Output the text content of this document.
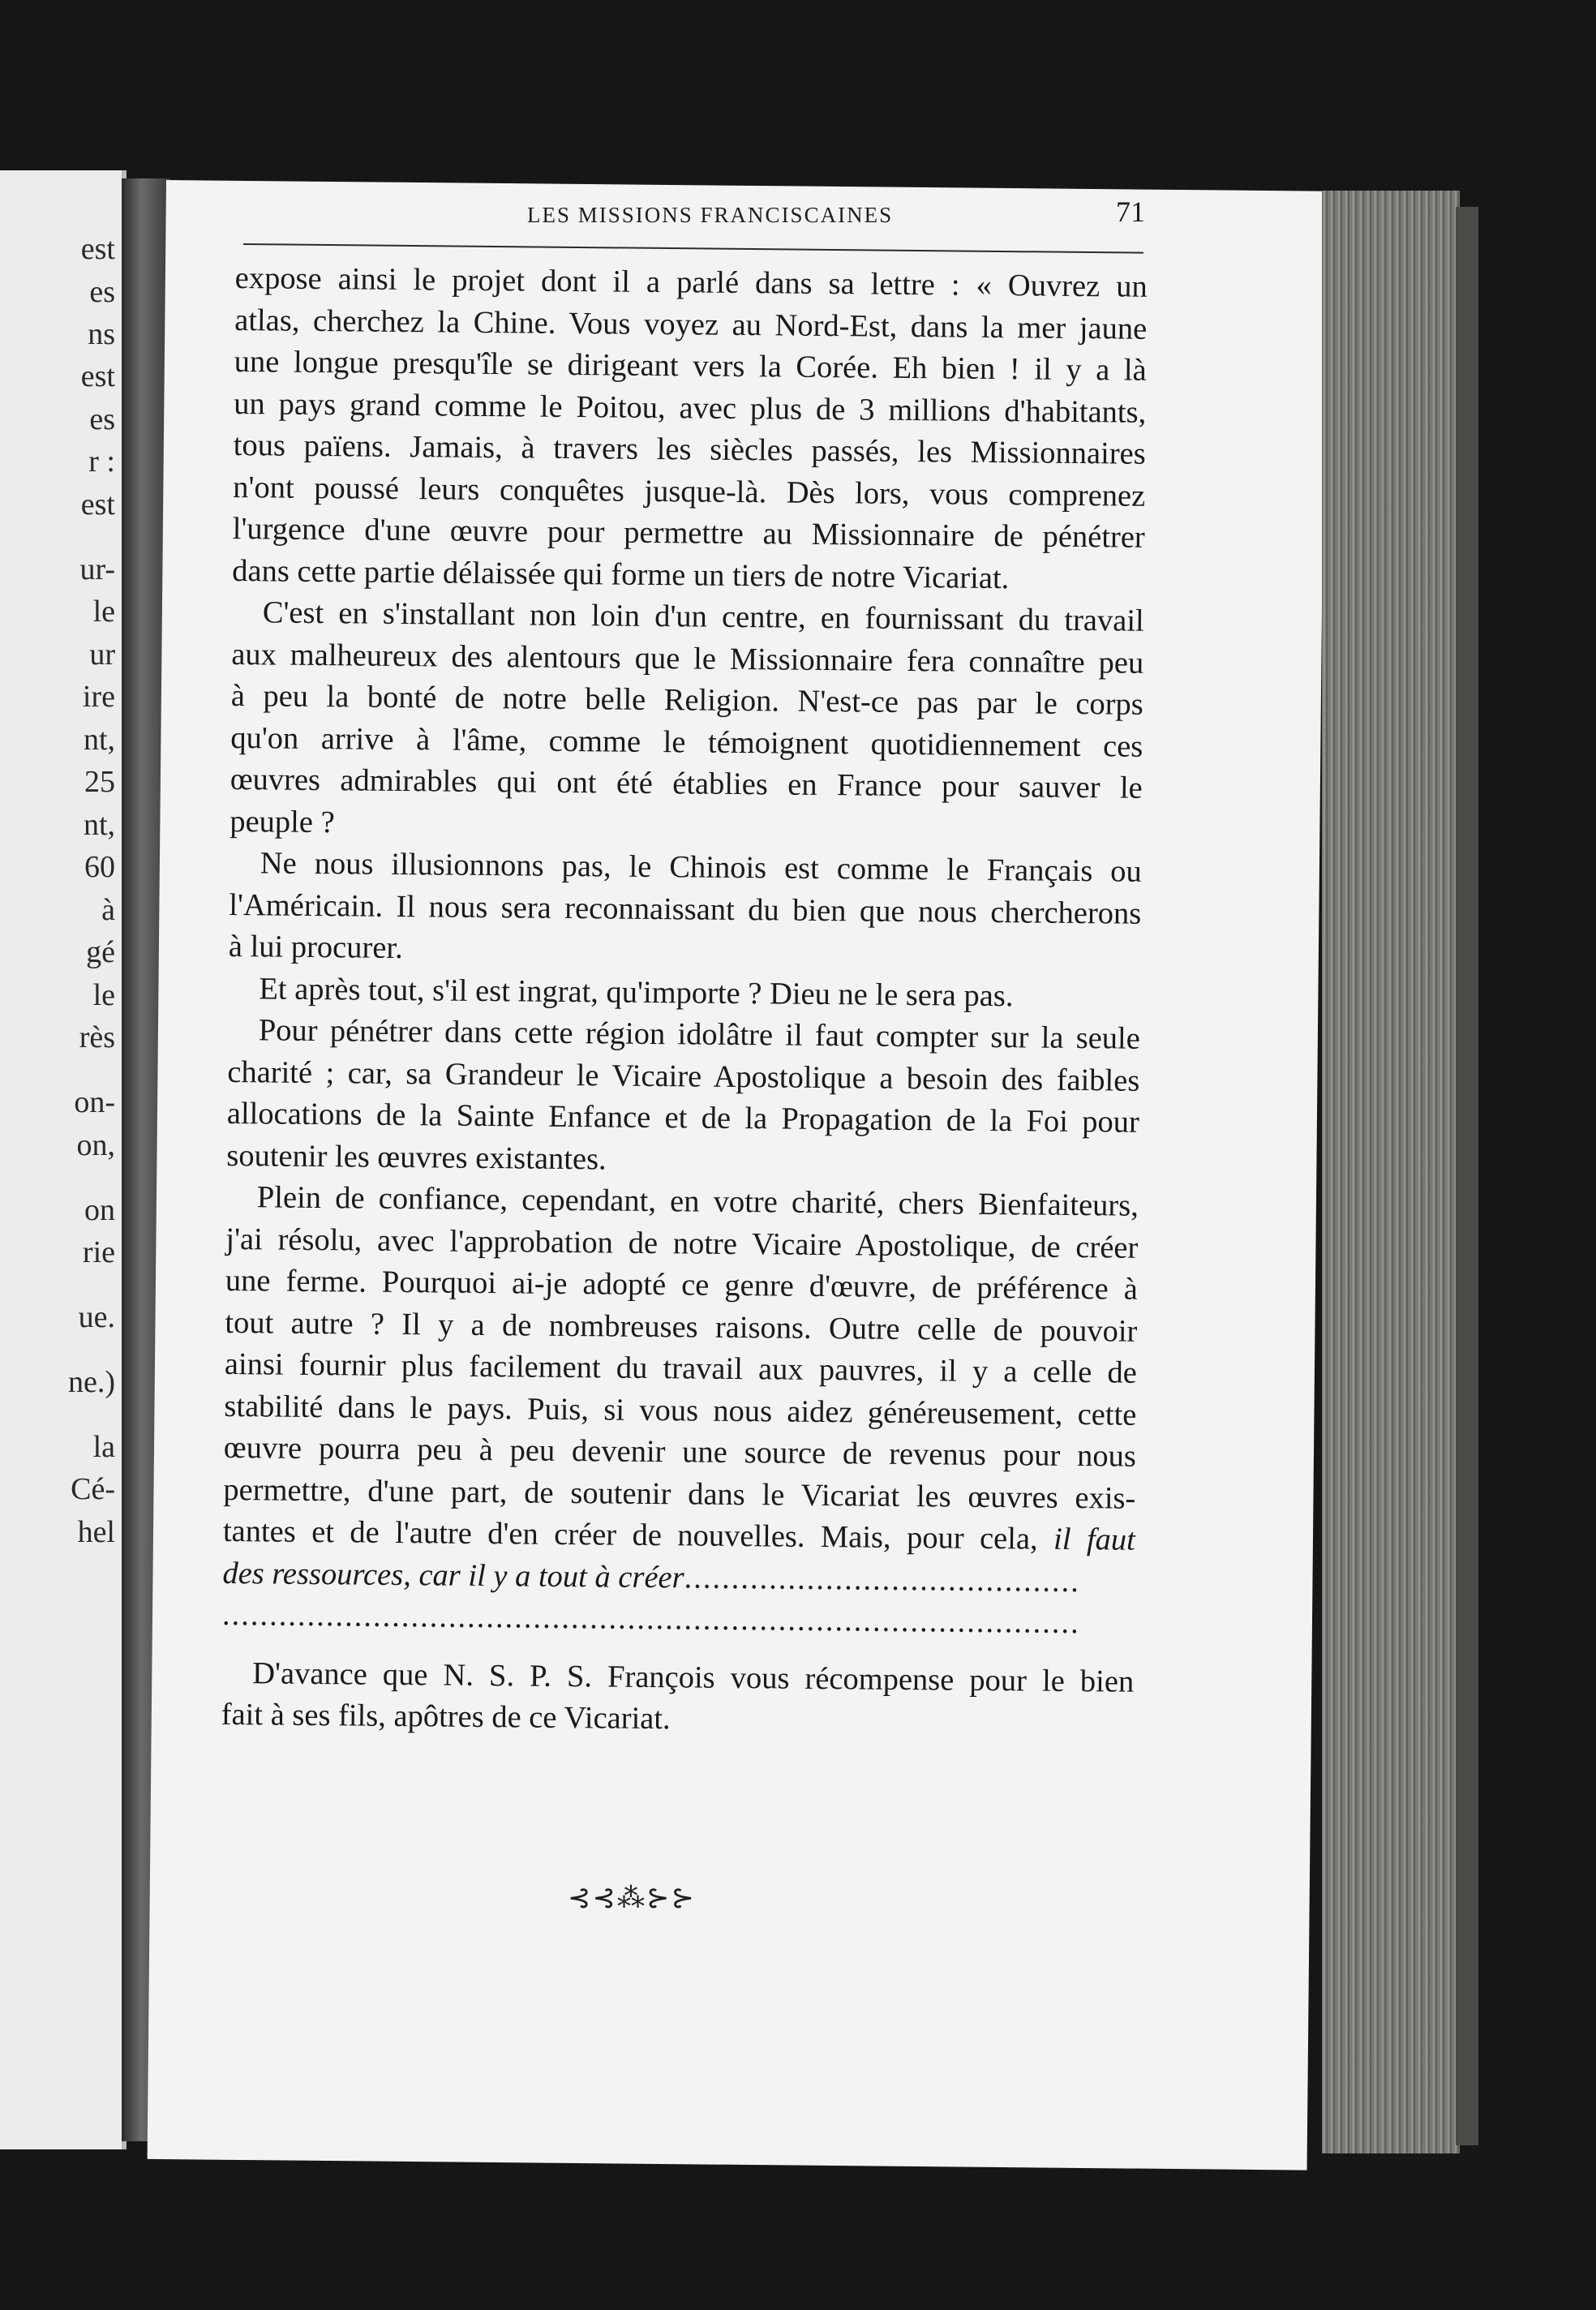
est
es
ns
est
es
r :
est
ur-
le
ur
ire
nt,
25
nt,
60
à
gé
le
rès
on-
on,
on
rie
ue.
ne.)
la
Cé-
hel
LES MISSIONS FRANCISCAINES	71
expose ainsi le projet dont il a parlé dans sa lettre : « Ouvrez un
atlas, cherchez la Chine. Vous voyez au Nord-Est, dans la mer jaune
une longue presqu'île se dirigeant vers la Corée. Eh bien ! il y a là
un pays grand comme le Poitou, avec plus de 3 millions d'habitants,
tous païens. Jamais, à travers les siècles passés, les Missionnaires
n'ont poussé leurs conquêtes jusque-là. Dès lors, vous comprenez
l'urgence d'une œuvre pour permettre au Missionnaire de pénétrer
dans cette partie délaissée qui forme un tiers de notre Vicariat.
C'est en s'installant non loin d'un centre, en fournissant du travail
aux malheureux des alentours que le Missionnaire fera connaître peu
à peu la bonté de notre belle Religion. N'est-ce pas par le corps
qu'on arrive à l'âme, comme le témoignent quotidiennement ces
œuvres admirables qui ont été établies en France pour sauver le
peuple ?
Ne nous illusionnons pas, le Chinois est comme le Français ou
l'Américain. Il nous sera reconnaissant du bien que nous chercherons
à lui procurer.
Et après tout, s'il est ingrat, qu'importe ? Dieu ne le sera pas.
Pour pénétrer dans cette région idolâtre il faut compter sur la seule
charité ; car, sa Grandeur le Vicaire Apostolique a besoin des faibles
allocations de la Sainte Enfance et de la Propagation de la Foi pour
soutenir les œuvres existantes.
Plein de confiance, cependant, en votre charité, chers Bienfaiteurs,
j'ai résolu, avec l'approbation de notre Vicaire Apostolique, de créer
une ferme. Pourquoi ai-je adopté ce genre d'œuvre, de préférence à
tout autre ? Il y a de nombreuses raisons. Outre celle de pouvoir
ainsi fournir plus facilement du travail aux pauvres, il y a celle de
stabilité dans le pays. Puis, si vous nous aidez généreusement, cette
œuvre pourra peu à peu devenir une source de revenus pour nous
permettre, d'une part, de soutenir dans le Vicariat les œuvres exis-
tantes et de l'autre d'en créer de nouvelles. Mais, pour cela, il faut
des ressources, car il y a tout à créer..........................................
...........................................................................................
D'avance que N. S. P. S. François vous récompense pour le bien
fait à ses fils, apôtres de ce Vicariat.
⊰⊰⁂⊱⊱
